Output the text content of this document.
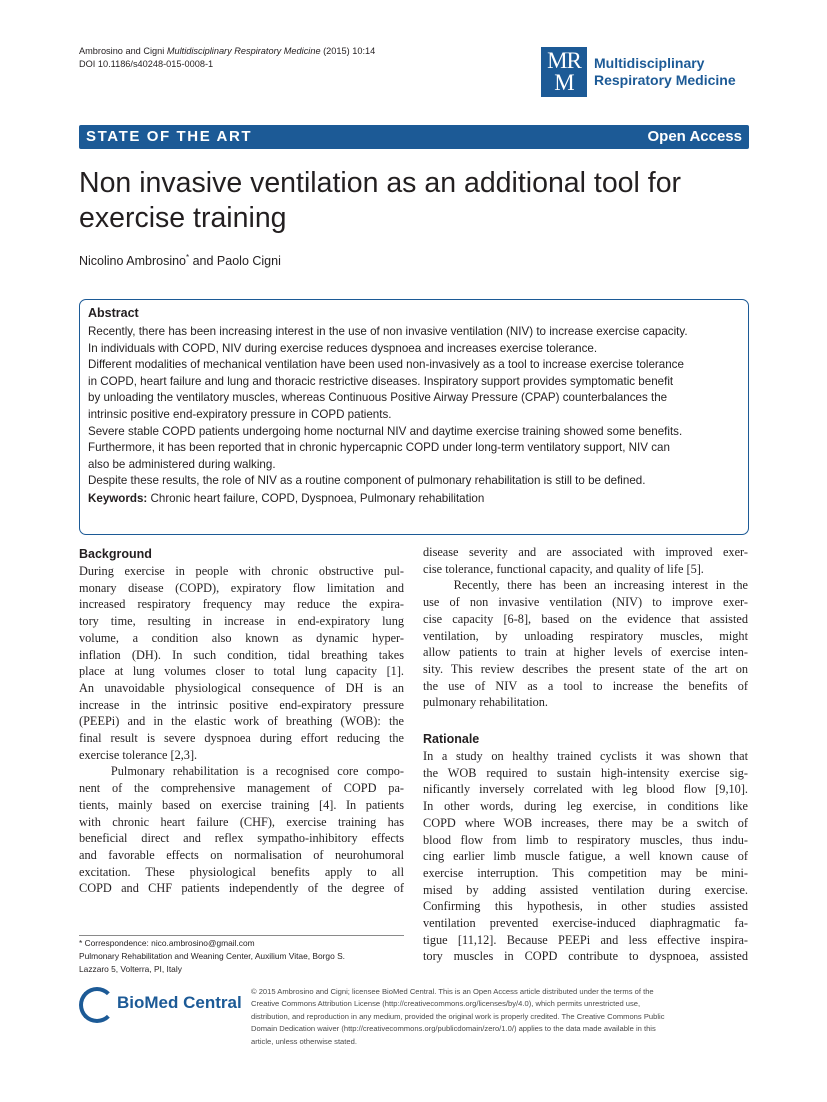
Ambrosino and Cigni Multidisciplinary Respiratory Medicine (2015) 10:14
DOI 10.1186/s40248-015-0008-1	MR
M
Multidisciplinary
Respiratory Medicine
STATE OF THE ART	Open Access
Non invasive ventilation as an additional tool for
exercise training
Nicolino Ambrosino* and Paolo Cigni
Abstract

Recently, there has been increasing interest in the use of non invasive ventilation (NIV) to increase exercise capacity.

In individuals with COPD, NIV during exercise reduces dyspnoea and increases exercise tolerance.

Different modalities of mechanical ventilation have been used non-invasively as a tool to increase exercise tolerance

in COPD, heart failure and lung and thoracic restrictive diseases. Inspiratory support provides symptomatic benefit

by unloading the ventilatory muscles, whereas Continuous Positive Airway Pressure (CPAP) counterbalances the

intrinsic positive end-expiratory pressure in COPD patients.

Severe stable COPD patients undergoing home nocturnal NIV and daytime exercise training showed some benefits.

Furthermore, it has been reported that in chronic hypercapnic COPD under long-term ventilatory support, NIV can

also be administered during walking.

Despite these results, the role of NIV as a routine component of pulmonary rehabilitation is still to be defined.

Keywords: Chronic heart failure, COPD, Dyspnoea, Pulmonary rehabilitation
Background
During exercise in people with chronic obstructive pul-
monary disease (COPD), expiratory flow limitation and
increased respiratory frequency may reduce the expira-
tory time, resulting in increase in end-expiratory lung
volume, a condition also known as dynamic hyper-
inflation (DH). In such condition, tidal breathing takes
place at lung volumes closer to total lung capacity [1].
An unavoidable physiological consequence of DH is an
increase in the intrinsic positive end-expiratory pressure
(PEEPi) and in the elastic work of breathing (WOB): the
final result is severe dyspnoea during effort reducing the
exercise tolerance [2,3].
Pulmonary rehabilitation is a recognised core compo-
nent of the comprehensive management of COPD pa-
tients, mainly based on exercise training [4]. In patients
with chronic heart failure (CHF), exercise training has
beneficial direct and reflex sympatho-inhibitory effects
and favorable effects on normalisation of neurohumoral
excitation. These physiological benefits apply to all
COPD and CHF patients independently of the degree of
disease severity and are associated with improved exer-
cise tolerance, functional capacity, and quality of life [5].
Recently, there has been an increasing interest in the
use of non invasive ventilation (NIV) to improve exer-
cise capacity [6-8], based on the evidence that assisted
ventilation, by unloading respiratory muscles, might
allow patients to train at higher levels of exercise inten-
sity. This review describes the present state of the art on
the use of NIV as a tool to increase the benefits of
pulmonary rehabilitation.
Rationale
In a study on healthy trained cyclists it was shown that
the WOB required to sustain high-intensity exercise sig-
nificantly inversely correlated with leg blood flow [9,10].
In other words, during leg exercise, in conditions like
COPD where WOB increases, there may be a switch of
blood flow from limb to respiratory muscles, thus indu-
cing earlier limb muscle fatigue, a well known cause of
exercise interruption. This competition may be mini-
mised by adding assisted ventilation during exercise.
Confirming this hypothesis, in other studies assisted
ventilation prevented exercise-induced diaphragmatic fa-
tigue [11,12]. Because PEEPi and less effective inspira-
tory muscles in COPD contribute to dyspnoea, assisted
* Correspondence: nico.ambrosino@gmail.com
Pulmonary Rehabilitation and Weaning Center, Auxilium Vitae, Borgo S.
Lazzaro 5, Volterra, PI, Italy
BioMed Central
© 2015 Ambrosino and Cigni; licensee BioMed Central. This is an Open Access article distributed under the terms of the
Creative Commons Attribution License (http://creativecommons.org/licenses/by/4.0), which permits unrestricted use,
distribution, and reproduction in any medium, provided the original work is properly credited. The Creative Commons Public
Domain Dedication waiver (http://creativecommons.org/publicdomain/zero/1.0/) applies to the data made available in this
article, unless otherwise stated.
